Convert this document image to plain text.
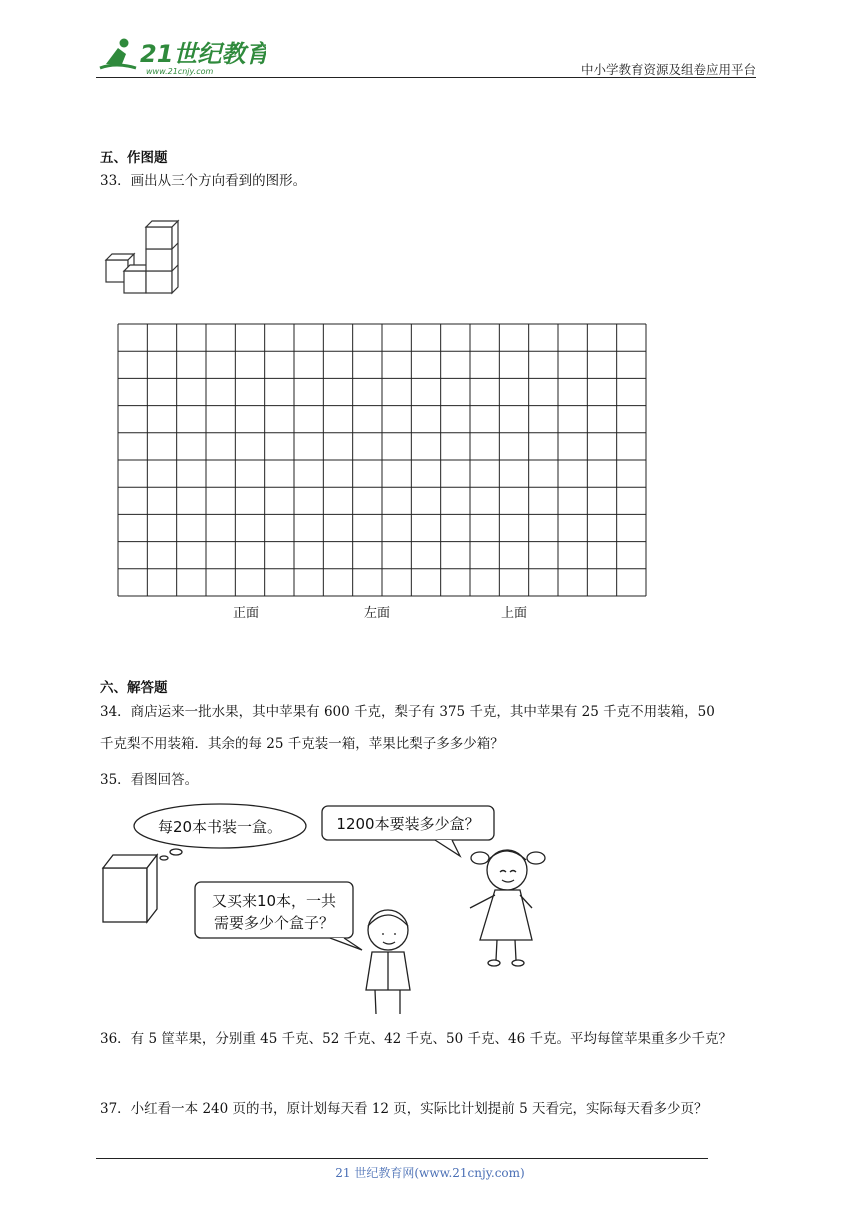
21世纪教育
www.21cnjy.com	中小学教育资源及组卷应用平台
五、作图题
33．画出从三个方向看到的图形。
正面	左面	上面
六、解答题
34．商店运来一批水果，其中苹果有 600 千克，梨子有 375 千克，其中苹果有 25 千克不用装箱，50
千克梨不用装箱．其余的每 25 千克装一箱，苹果比梨子多多少箱？
35．看图回答。
每20本书装一盒。	1200本要装多少盒？
又买来10本，一共
需要多少个盒子？
36．有 5 筐苹果，分别重 45 千克、52 千克、42 千克、50 千克、46 千克。平均每筐苹果重多少千克？
37．小红看一本 240 页的书，原计划每天看 12 页，实际比计划提前 5 天看完，实际每天看多少页？
21 世纪教育网(www.21cnjy.com)
